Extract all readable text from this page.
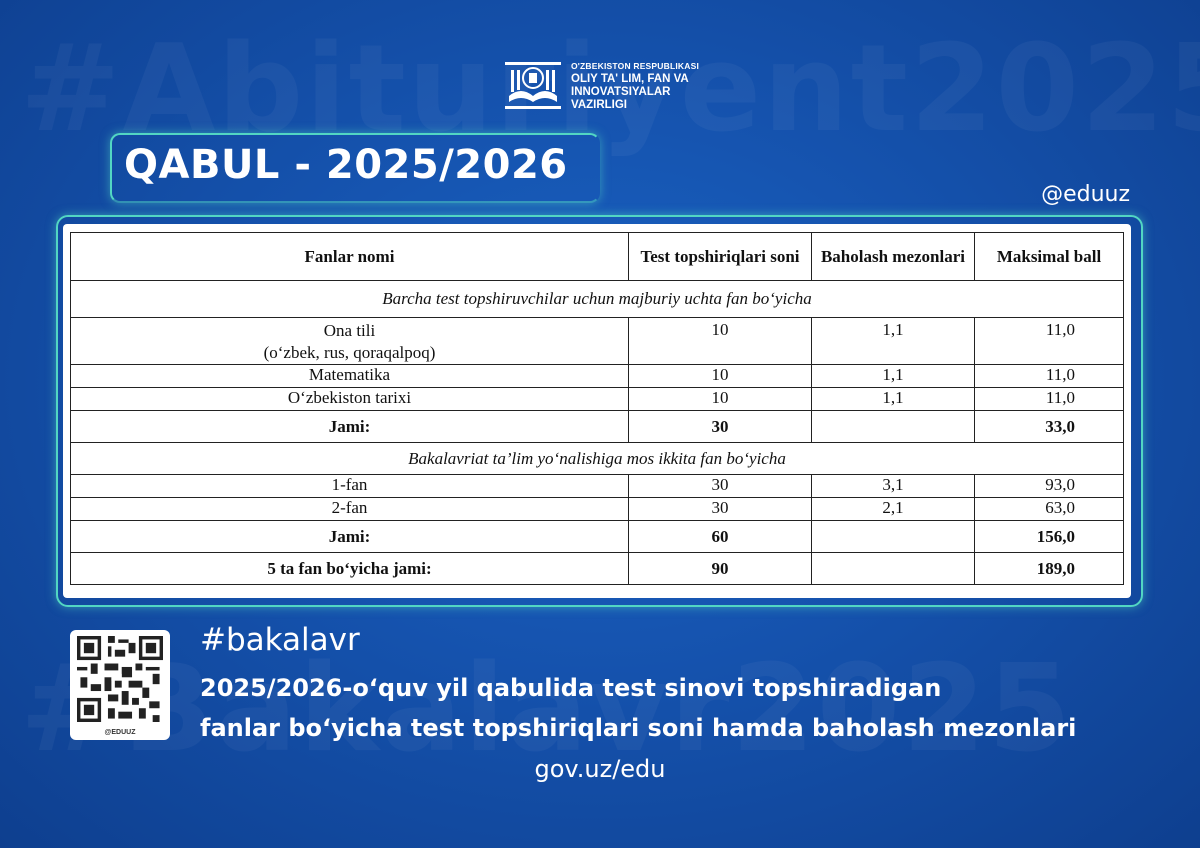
O'ZBEKISTON RESPUBLIKASI
OLIY TA' LIM, FAN VA
INNOVATSIYALAR
VAZIRLIGI
QABUL - 2025/2026
@eduuz
Fanlar nomi	Test topshiriqlari soni	Baholash mezonlari	Maksimal ball
Barcha test topshiruvchilar uchun majburiy uchta fan bo‘yicha			

Ona tili
(o‘zbek, rus, qoraqalpoq)	10	1,1	11,0
Matematika	10	1,1	11,0
O‘zbekiston tarixi	10	1,1	11,0
Jami:	30		33,0
Bakalavriat ta’lim yo‘nalishiga mos ikkita fan bo‘yicha			
1-fan	30	3,1	93,0
2-fan	30	2,1	63,0
Jami:	60		156,0
5 ta fan bo‘yicha jami:	90		189,0
@EDUUZ
#bakalavr
2025/2026-o‘quv yil qabulida test sinovi topshiradigan
fanlar bo‘yicha test topshiriqlari soni hamda baholash mezonlari
gov.uz/edu
